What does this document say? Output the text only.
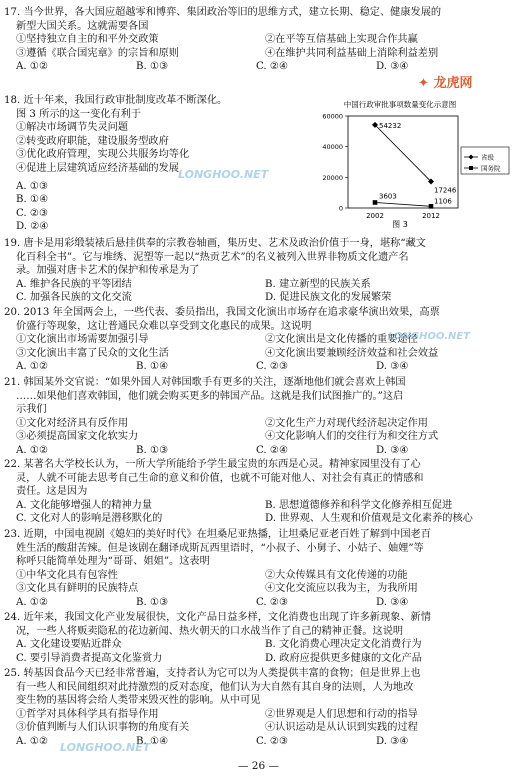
17. 当今世界，各大国应超越零和博弈、集团政治等旧的思维方式，建立长期、稳定、健康发展的
新型大国关系。这就需要各国
①坚持独立自主的和平外交政策	②在平等互信基础上实现合作共赢
③遵循《联合国宪章》的宗旨和原则	④在维护共同利益基础上消除利益差别
A. ①②	B. ①③	C. ②④	D. ③④
18. 近十年来，我国行政审批制度改革不断深化。
图 3 所示的这一变化有利于
①解决市场调节失灵问题
②转变政府职能，建设服务型政府
③优化政府管理，实现公共服务均等化
④促进上层建筑适应经济基础的发展
A. ①③
B. ①④
C. ②③
D. ②④
中国行政审批事项数量变化示意图
0
20000
40000
60000
54232
17246
3603
1106
2002	2012
省级
国务院
图 3
19. 唐卡是用彩缎装裱后悬挂供奉的宗教卷轴画，集历史、艺术及政治价值于一身，堪称“藏文
化百科全书”。它与堆绣、泥塑等一起以“热贡艺术”的名义被列入世界非物质文化遗产名
录。加强对唐卡艺术的保护和传承是为了
A. 维护各民族的平等团结	B. 建立新型的民族关系
C. 加强各民族的文化交流	D. 促进民族文化的发展繁荣
20. 2013 年全国两会上，一些代表、委员指出，我国文化演出市场存在追求豪华演出效果，高票
价盛行等现象，这让普通民众难以享受到文化惠民的成果。这说明
①文化演出市场需要加强引导	②文化演出是文化传播的重要途径
③文化演出丰富了民众的文化生活	④文化演出要兼顾经济效益和社会效益
A. ①②	B. ①④	C. ②③	D. ③④
21. 韩国某外交官说：“如果外国人对韩国歌手有更多的关注，逐渐地他们就会喜欢上韩国
……如果他们喜欢韩国，他们就会购买更多的韩国产品。这就是我们试图推广的。”这启
示我们
①文化对经济具有反作用	②文化生产力对现代经济起决定作用
③必须提高国家文化软实力	④文化影响人们的交往行为和交往方式
A. ①②	B. ①③	C. ②④	D. ③④
22. 某著名大学校长认为，一所大学所能给予学生最宝贵的东西是心灵。精神家园里没有了心
灵，人就不可能去思考自己生命的意义和价值，也就不可能对他人、对社会有真正的情感和
责任。这是因为
A. 文化能够增强人的精神力量	B. 思想道德修养和科学文化修养相互促进
C. 文化对人的影响是潜移默化的	D. 世界观、人生观和价值观是文化素养的核心
23. 近期，中国电视剧《媳妇的美好时代》在坦桑尼亚热播，让坦桑尼亚老百姓了解到中国老百
姓生活的酸甜苦辣。但是该剧在翻译成斯瓦西里语时，“小叔子、小舅子、小姑子、妯娌”等
称呼只能简单处理为“哥哥、姐姐”。这表明
①中华文化具有包容性	②大众传媒具有文化传递的功能
③文化具有鲜明的民族特点	④文化交流应以我为主，为我所用
A. ①②	B. ①③	C. ②③	D. ③④
24. 近年来，我国文化产业发展很快，文化产品日益多样，文化消费也出现了许多新现象、新情
况，一些人将贩卖隐私的花边新闻、热火朝天的口水战当作了自己的精神正餐。这说明
A. 文化建设要贴近群众	B. 文化消费心理决定文化消费行为
C. 要引导消费者提高文化鉴赏力	D. 政府应提供更多健康的文化产品
25. 转基因食品今天已经非常普遍，支持者认为它可以为人类提供丰富的食物；但是世界上也
有一些人和民间组织对此持激烈的反对态度，他们认为大自然有其自身的法则，人为地改
变生物的基因将会给人类带来毁灭性的影响。从中可见
①哲学对具体科学具有指导作用	②世界观是人们思想和行动的指导
③价值判断与人们认识事物的角度有关	④认识运动是从认识到实践的过程
A. ①②	B. ①④	C. ②③	D. ③④
✦ 龙虎网
LONGHOO.NET
LONGHOO.NET
LONGHOO.NET
— 26 —
